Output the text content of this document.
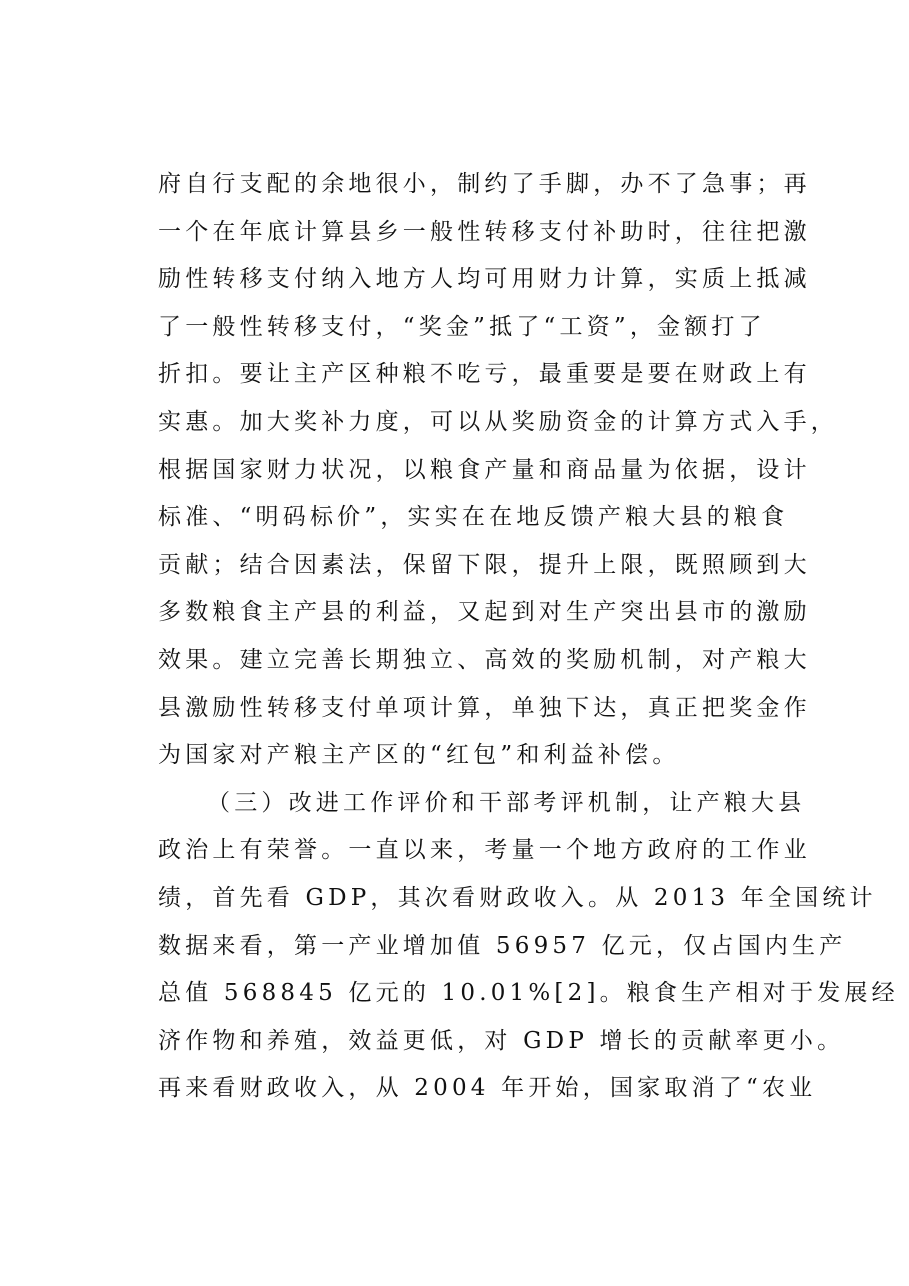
府自行支配的余地很小，制约了手脚，办不了急事；再
一个在年底计算县乡一般性转移支付补助时，往往把激
励性转移支付纳入地方人均可用财力计算，实质上抵减
了一般性转移支付，“奖金”抵了“工资”，金额打了
折扣。要让主产区种粮不吃亏，最重要是要在财政上有
实惠。加大奖补力度，可以从奖励资金的计算方式入手，
根据国家财力状况，以粮食产量和商品量为依据，设计
标准、“明码标价”，实实在在地反馈产粮大县的粮食
贡献；结合因素法，保留下限，提升上限，既照顾到大
多数粮食主产县的利益，又起到对生产突出县市的激励
效果。建立完善长期独立、高效的奖励机制，对产粮大
县激励性转移支付单项计算，单独下达，真正把奖金作
为国家对产粮主产区的“红包”和利益补偿。
（三）改进工作评价和干部考评机制，让产粮大县
政治上有荣誉。一直以来，考量一个地方政府的工作业
绩，首先看 GDP，其次看财政收入。从 2013 年全国统计
数据来看，第一产业增加值 56957 亿元，仅占国内生产
总值 568845 亿元的 10.01%[2]。粮食生产相对于发展经
济作物和养殖，效益更低，对 GDP 增长的贡献率更小。
再来看财政收入，从 2004 年开始，国家取消了“农业
